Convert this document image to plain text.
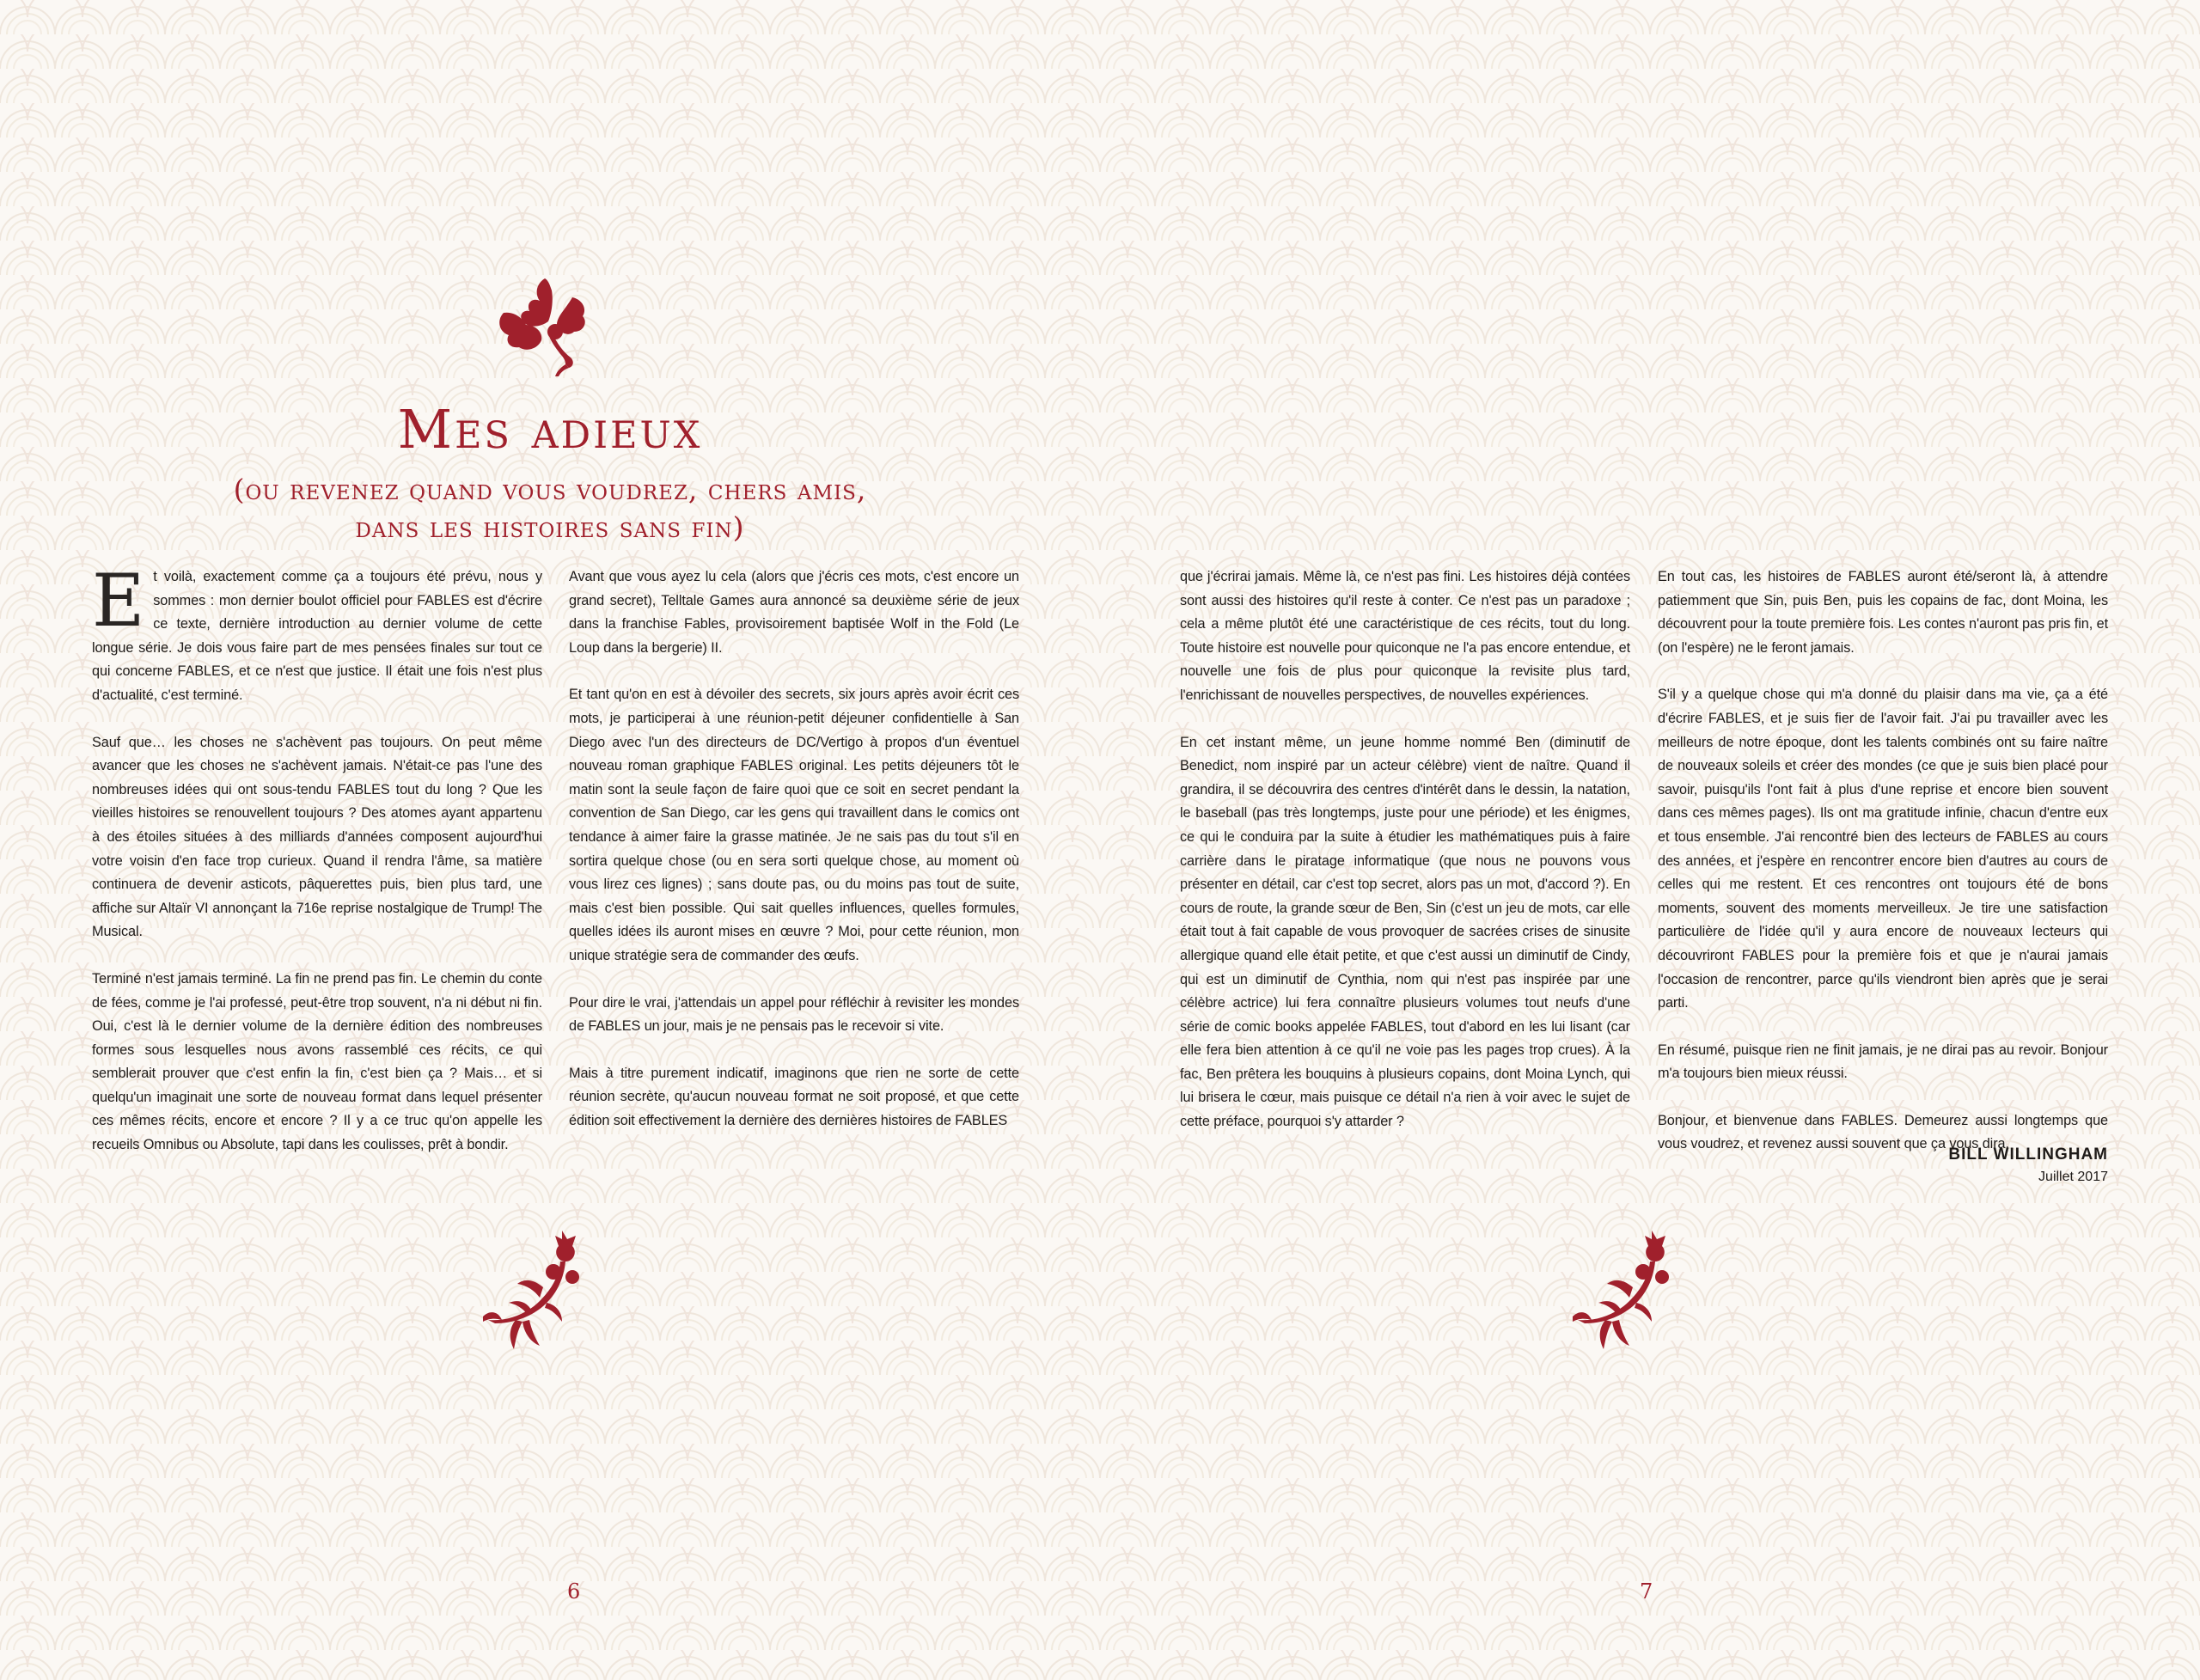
Mes adieux
(ou revenez quand vous voudrez, chers amis,
dans les histoires sans fin)

Et voilà, exactement comme ça a toujours été prévu, nous y sommes : mon dernier boulot officiel pour FABLES est d'écrire ce texte, dernière introduction au dernier volume de cette longue série. Je dois vous faire part de mes pensées finales sur tout ce qui concerne FABLES, et ce n'est que justice. Il était une fois n'est plus d'actualité, c'est terminé.

Sauf que… les choses ne s'achèvent pas toujours. On peut même avancer que les choses ne s'achèvent jamais. N'était-ce pas l'une des nombreuses idées qui ont sous-tendu FABLES tout du long ? Que les vieilles histoires se renouvellent toujours ? Des atomes ayant appartenu à des étoiles situées à des milliards d'années composent aujourd'hui votre voisin d'en face trop curieux. Quand il rendra l'âme, sa matière continuera de devenir asticots, pâquerettes puis, bien plus tard, une affiche sur Altaïr VI annonçant la 716e reprise nostalgique de Trump! The Musical.

Terminé n'est jamais terminé. La fin ne prend pas fin. Le chemin du conte de fées, comme je l'ai professé, peut-être trop souvent, n'a ni début ni fin. Oui, c'est là le dernier volume de la dernière édition des nombreuses formes sous lesquelles nous avons rassemblé ces récits, ce qui semblerait prouver que c'est enfin la fin, c'est bien ça ? Mais… et si quelqu'un imaginait une sorte de nouveau format dans lequel présenter ces mêmes récits, encore et encore ? Il y a ce truc qu'on appelle les recueils Omnibus ou Absolute, tapi dans les coulisses, prêt à bondir.

Avant que vous ayez lu cela (alors que j'écris ces mots, c'est encore un grand secret), Telltale Games aura annoncé sa deuxième série de jeux dans la franchise Fables, provisoirement baptisée Wolf in the Fold (Le Loup dans la bergerie) II.

Et tant qu'on en est à dévoiler des secrets, six jours après avoir écrit ces mots, je participerai à une réunion-petit déjeuner confidentielle à San Diego avec l'un des directeurs de DC/Vertigo à propos d'un éventuel nouveau roman graphique FABLES original. Les petits déjeuners tôt le matin sont la seule façon de faire quoi que ce soit en secret pendant la convention de San Diego, car les gens qui travaillent dans le comics ont tendance à aimer faire la grasse matinée. Je ne sais pas du tout s'il en sortira quelque chose (ou en sera sorti quelque chose, au moment où vous lirez ces lignes) ; sans doute pas, ou du moins pas tout de suite, mais c'est bien possible. Qui sait quelles influences, quelles formules, quelles idées ils auront mises en œuvre ? Moi, pour cette réunion, mon unique stratégie sera de commander des œufs.

Pour dire le vrai, j'attendais un appel pour réfléchir à revisiter les mondes de FABLES un jour, mais je ne pensais pas le recevoir si vite.

Mais à titre purement indicatif, imaginons que rien ne sorte de cette réunion secrète, qu'aucun nouveau format ne soit proposé, et que cette édition soit effectivement la dernière des dernières histoires de FABLES

6

que j'écrirai jamais. Même là, ce n'est pas fini. Les histoires déjà contées sont aussi des histoires qu'il reste à conter. Ce n'est pas un paradoxe ; cela a même plutôt été une caractéristique de ces récits, tout du long. Toute histoire est nouvelle pour quiconque ne l'a pas encore entendue, et nouvelle une fois de plus pour quiconque la revisite plus tard, l'enrichissant de nouvelles perspectives, de nouvelles expériences.

En cet instant même, un jeune homme nommé Ben (diminutif de Benedict, nom inspiré par un acteur célèbre) vient de naître. Quand il grandira, il se découvrira des centres d'intérêt dans le dessin, la natation, le baseball (pas très longtemps, juste pour une période) et les énigmes, ce qui le conduira par la suite à étudier les mathématiques puis à faire carrière dans le piratage informatique (que nous ne pouvons vous présenter en détail, car c'est top secret, alors pas un mot, d'accord ?). En cours de route, la grande sœur de Ben, Sin (c'est un jeu de mots, car elle était tout à fait capable de vous provoquer de sacrées crises de sinusite allergique quand elle était petite, et que c'est aussi un diminutif de Cindy, qui est un diminutif de Cynthia, nom qui n'est pas inspirée par une célèbre actrice) lui fera connaître plusieurs volumes tout neufs d'une série de comic books appelée FABLES, tout d'abord en les lui lisant (car elle fera bien attention à ce qu'il ne voie pas les pages trop crues). À la fac, Ben prêtera les bouquins à plusieurs copains, dont Moina Lynch, qui lui brisera le cœur, mais puisque ce détail n'a rien à voir avec le sujet de cette préface, pourquoi s'y attarder ?

En tout cas, les histoires de FABLES auront été/seront là, à attendre patiemment que Sin, puis Ben, puis les copains de fac, dont Moina, les découvrent pour la toute première fois. Les contes n'auront pas pris fin, et (on l'espère) ne le feront jamais.

S'il y a quelque chose qui m'a donné du plaisir dans ma vie, ça a été d'écrire FABLES, et je suis fier de l'avoir fait. J'ai pu travailler avec les meilleurs de notre époque, dont les talents combinés ont su faire naître de nouveaux soleils et créer des mondes (ce que je suis bien placé pour savoir, puisqu'ils l'ont fait à plus d'une reprise et encore bien souvent dans ces mêmes pages). Ils ont ma gratitude infinie, chacun d'entre eux et tous ensemble. J'ai rencontré bien des lecteurs de FABLES au cours des années, et j'espère en rencontrer encore bien d'autres au cours de celles qui me restent. Et ces rencontres ont toujours été de bons moments, souvent des moments merveilleux. Je tire une satisfaction particulière de l'idée qu'il y aura encore de nouveaux lecteurs qui découvriront FABLES pour la première fois et que je n'aurai jamais l'occasion de rencontrer, parce qu'ils viendront bien après que je serai parti.

En résumé, puisque rien ne finit jamais, je ne dirai pas au revoir. Bonjour m'a toujours bien mieux réussi.

Bonjour, et bienvenue dans FABLES. Demeurez aussi longtemps que vous voudrez, et revenez aussi souvent que ça vous dira.

BILL WILLINGHAM
Juillet 2017
7
